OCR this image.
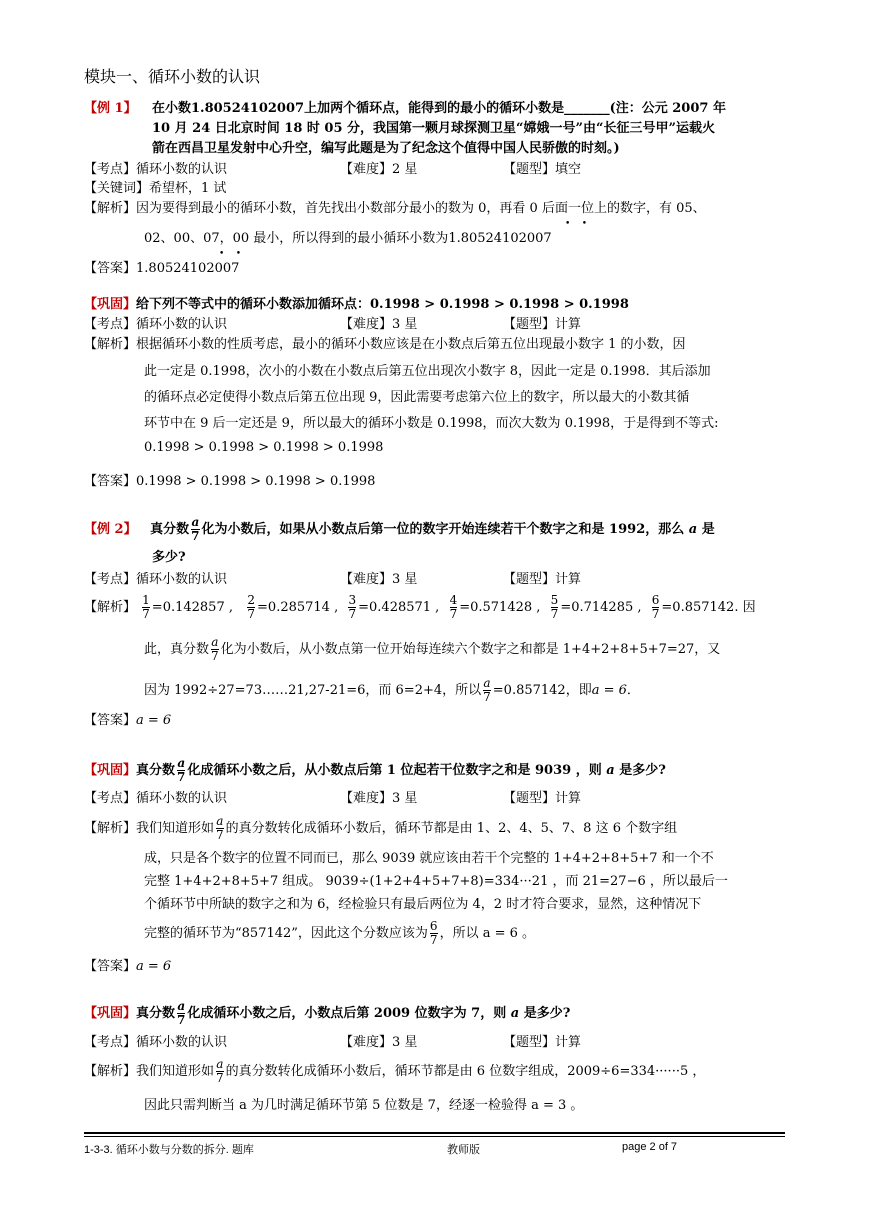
模块一、循环小数的认识
【例 1】 在小数1.80524102007上加两个循环点，能得到的最小的循环小数是_______(注：公元 2007 年
10 月 24 日北京时间 18 时 05 分，我国第一颗月球探测卫星“嫦娥一号”由“长征三号甲”运载火
箭在西昌卫星发射中心升空，编写此题是为了纪念这个值得中国人民骄傲的时刻。)
【考点】循环小数的认识	【难度】2 星	【题型】填空
【关键词】希望杯，1 试
【解析】因为要得到最小的循环小数，首先找出小数部分最小的数为 0，再看 0 后面一位上的数字，有 05、
02、00、07，00 最小，所以得到的最小循环小数为1.80524102007
•    •
【答案】1.80524102007
•    •
【巩固】给下列不等式中的循环小数添加循环点：0.1998 > 0.1998 > 0.1998 > 0.1998
【考点】循环小数的认识	【难度】3 星	【题型】计算
【解析】根据循环小数的性质考虑，最小的循环小数应该是在小数点后第五位出现最小数字 1 的小数，因
此一定是 0.1998，次小的小数在小数点后第五位出现次小数字 8，因此一定是 0.1998．其后添加
的循环点必定使得小数点后第五位出现 9，因此需要考虑第六位上的数字，所以最大的小数其循
环节中在 9 后一定还是 9，所以最大的循环小数是 0.1998，而次大数为 0.1998，于是得到不等式:
0.1998 > 0.1998 > 0.1998 > 0.1998
【答案】0.1998 > 0.1998 > 0.1998 > 0.1998
【例 2】 真分数 $\frac{a}{7}$ 化为小数后，如果从小数点后第一位的数字开始连续若干个数字之和是 1992，那么 a 是
多少?
【考点】循环小数的认识	【难度】3 星	【题型】计算
【解析】 $\frac{1}{7} =0.142857$ , $\frac{2}{7} =0.285714$ , $\frac{3}{7} =0.428571$ , $\frac{4}{7} =0.571428$ , $\frac{5}{7} =0.714285$ , $\frac{6}{7} =0.857142$. 因
此，真分数 $\frac{a}{7}$ 化为小数后，从小数点第一位开始每连续六个数字之和都是 1+4+2+8+5+7=27，又
因为 1992÷27=73……21,27-21=6，而 6=2+4，所以 $\frac{a}{7} =0.857142$，即a = 6．
【答案】a = 6
【巩固】真分数 $\frac{a}{7}$ 化成循环小数之后，从小数点后第 1 位起若干位数字之和是 9039 ，则 a 是多少?
【考点】循环小数的认识	【难度】3 星	【题型】计算
【解析】我们知道形如 $\frac{a}{7}$ 的真分数转化成循环小数后，循环节都是由 1、2、4、5、7、8 这 6 个数字组
成，只是各个数字的位置不同而已，那么 9039 就应该由若干个完整的 1+4+2+8+5+7 和一个不
完整 1+4+2+8+5+7 组成。 9039÷(1+2+4+5+7+8)=334···21 ，而 21=27−6 ，所以最后一
个循环节中所缺的数字之和为 6，经检验只有最后两位为 4，2 时才符合要求，显然，这种情况下
完整的循环节为“857142”，因此这个分数应该为 $\frac{6}{7}$ ，所以 a = 6 。
【答案】a = 6
【巩固】真分数 $\frac{a}{7}$ 化成循环小数之后，小数点后第 2009 位数字为 7，则 a 是多少?
【考点】循环小数的认识	【难度】3 星	【题型】计算
【解析】我们知道形如 $\frac{a}{7}$ 的真分数转化成循环小数后，循环节都是由 6 位数字组成，2009÷6=334······5 ，
因此只需判断当 a 为几时满足循环节第 5 位数是 7，经逐一检验得 a = 3 。
1-3-3. 循环小数与分数的拆分. 题库	教师版	page 2 of 7
